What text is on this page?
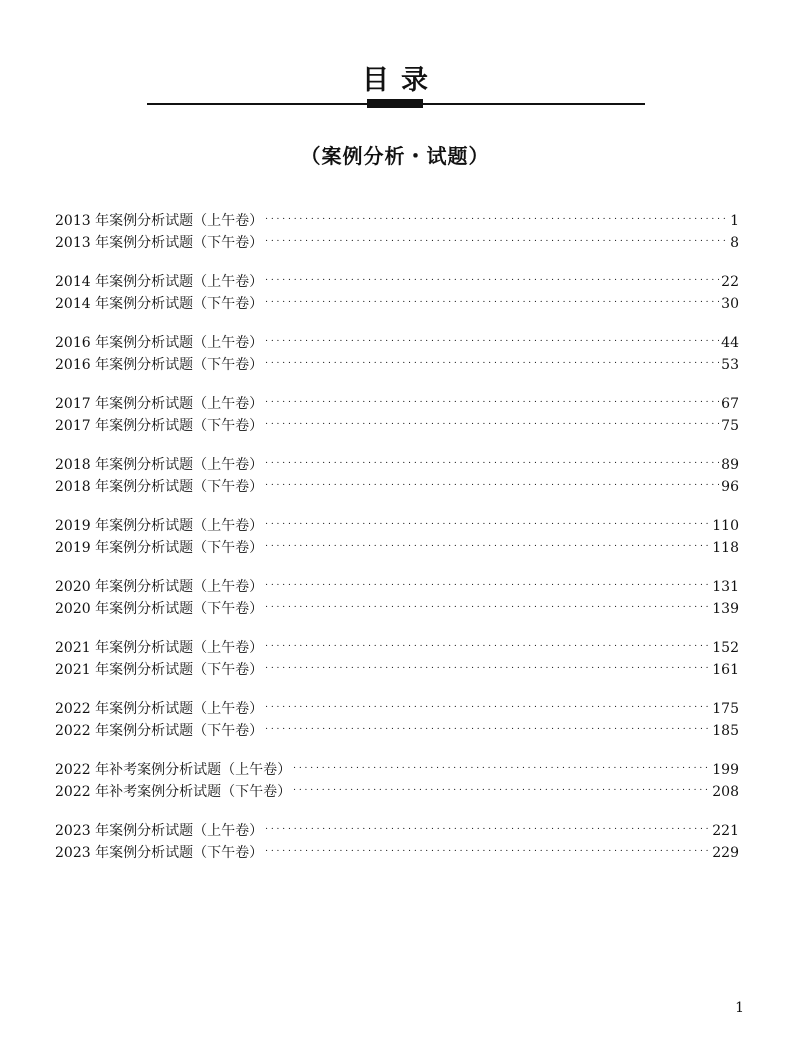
目录
（案例分析・试题）
2013 年案例分析试题（上午卷） . . .	1
2013 年案例分析试题（下午卷） . . .	8
2014 年案例分析试题（上午卷） . . .	22
2014 年案例分析试题（下午卷） . . .	30
2016 年案例分析试题（上午卷） . . .	44
2016 年案例分析试题（下午卷） . . .	53
2017 年案例分析试题（上午卷） . . .	67
2017 年案例分析试题（下午卷） . . .	75
2018 年案例分析试题（上午卷） . . .	89
2018 年案例分析试题（下午卷） . . .	96
2019 年案例分析试题（上午卷） . . .	110
2019 年案例分析试题（下午卷） . . .	118
2020 年案例分析试题（上午卷） . . .	131
2020 年案例分析试题（下午卷） . . .	139
2021 年案例分析试题（上午卷） . . .	152
2021 年案例分析试题（下午卷） . . .	161
2022 年案例分析试题（上午卷） . . .	175
2022 年案例分析试题（下午卷） . . .	185
2022 年补考案例分析试题（上午卷） . . .	199
2022 年补考案例分析试题（下午卷） . . .	208
2023 年案例分析试题（上午卷） . . .	221
2023 年案例分析试题（下午卷） . . .	229
1
